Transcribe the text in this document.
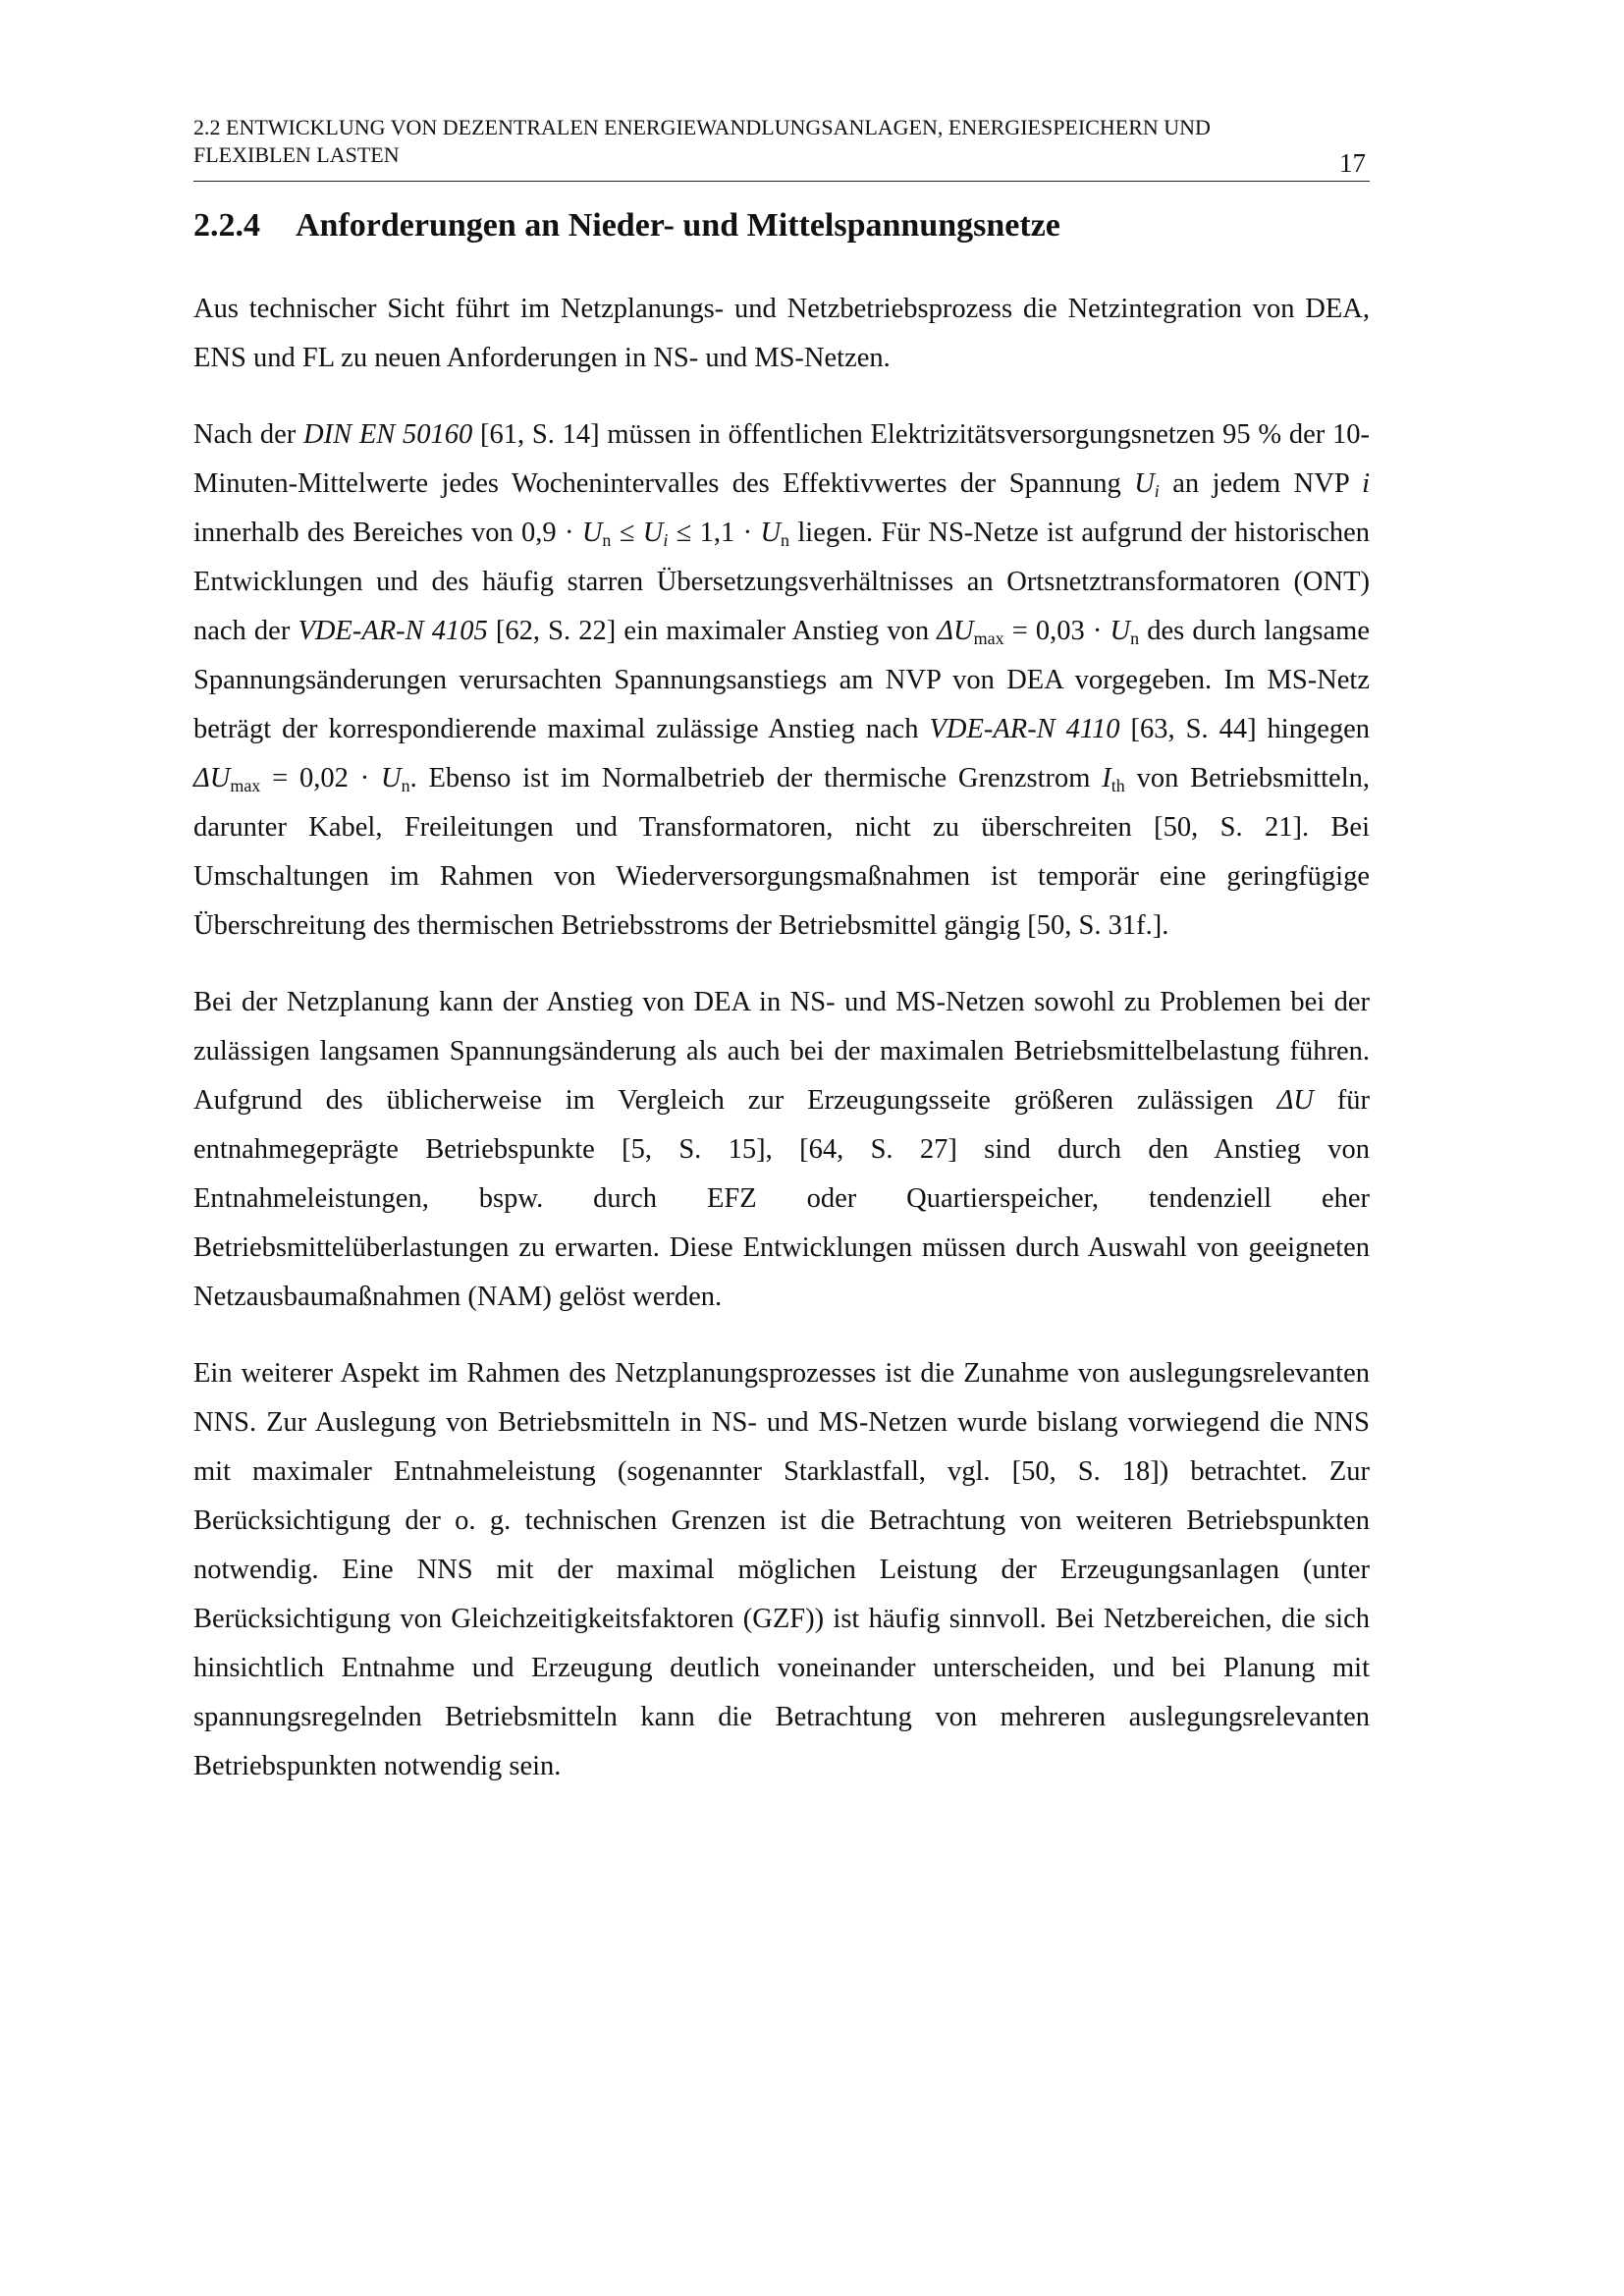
2.2 ENTWICKLUNG VON DEZENTRALEN ENERGIEWANDLUNGSANLAGEN, ENERGIESPEICHERN UND
FLEXIBLEN LASTEN	17
2.2.4 Anforderungen an Nieder- und Mittelspannungsnetze

Aus technischer Sicht führt im Netzplanungs- und Netzbetriebsprozess die Netzintegration von DEA, ENS und FL zu neuen Anforderungen in NS- und MS-Netzen.

Nach der DIN EN 50160 [61, S. 14] müssen in öffentlichen Elektrizitätsversorgungsnetzen 95 % der 10-Minuten-Mittelwerte jedes Wochenintervalles des Effektivwertes der Spannung $U_i$ an jedem NVP i innerhalb des Bereiches von $0,9 \cdot U_n \le U_i \le 1,1 \cdot U_n$ liegen. Für NS-Netze ist aufgrund der historischen Entwicklungen und des häufig starren Übersetzungsverhältnisses an Ortsnetztransformatoren (ONT) nach der VDE-AR-N 4105 [62, S. 22] ein maximaler Anstieg von $\Delta U_{max} = 0,03 \cdot U_n$ des durch langsame Spannungsänderungen verursachten Spannungsanstiegs am NVP von DEA vorgegeben. Im MS-Netz beträgt der korrespondierende maximal zulässige Anstieg nach VDE-AR-N 4110 [63, S. 44] hingegen $\Delta U_{max} = 0,02 \cdot U_n$. Ebenso ist im Normalbetrieb der thermische Grenzstrom $I_{th}$ von Betriebsmitteln, darunter Kabel, Freileitungen und Transformatoren, nicht zu überschreiten [50, S. 21]. Bei Umschaltungen im Rahmen von Wiederversorgungsmaßnahmen ist temporär eine geringfügige Überschreitung des thermischen Betriebsstroms der Betriebsmittel gängig [50, S. 31f.].

Bei der Netzplanung kann der Anstieg von DEA in NS- und MS-Netzen sowohl zu Problemen bei der zulässigen langsamen Spannungsänderung als auch bei der maximalen Betriebsmittelbelastung führen. Aufgrund des üblicherweise im Vergleich zur Erzeugungsseite größeren zulässigen ΔU für entnahmegeprägte Betriebspunkte [5, S. 15], [64, S. 27] sind durch den Anstieg von Entnahmeleistungen, bspw. durch EFZ oder Quartierspeicher, tendenziell eher Betriebsmittelüberlastungen zu erwarten. Diese Entwicklungen müssen durch Auswahl von geeigneten Netzausbaumaßnahmen (NAM) gelöst werden.

Ein weiterer Aspekt im Rahmen des Netzplanungsprozesses ist die Zunahme von auslegungsrelevanten NNS. Zur Auslegung von Betriebsmitteln in NS- und MS-Netzen wurde bislang vorwiegend die NNS mit maximaler Entnahmeleistung (sogenannter Starklastfall, vgl. [50, S. 18]) betrachtet. Zur Berücksichtigung der o. g. technischen Grenzen ist die Betrachtung von weiteren Betriebspunkten notwendig. Eine NNS mit der maximal möglichen Leistung der Erzeugungsanlagen (unter Berücksichtigung von Gleichzeitigkeitsfaktoren (GZF)) ist häufig sinnvoll. Bei Netzbereichen, die sich hinsichtlich Entnahme und Erzeugung deutlich voneinander unterscheiden, und bei Planung mit spannungsregelnden Betriebsmitteln kann die Betrachtung von mehreren auslegungsrelevanten Betriebspunkten notwendig sein.
